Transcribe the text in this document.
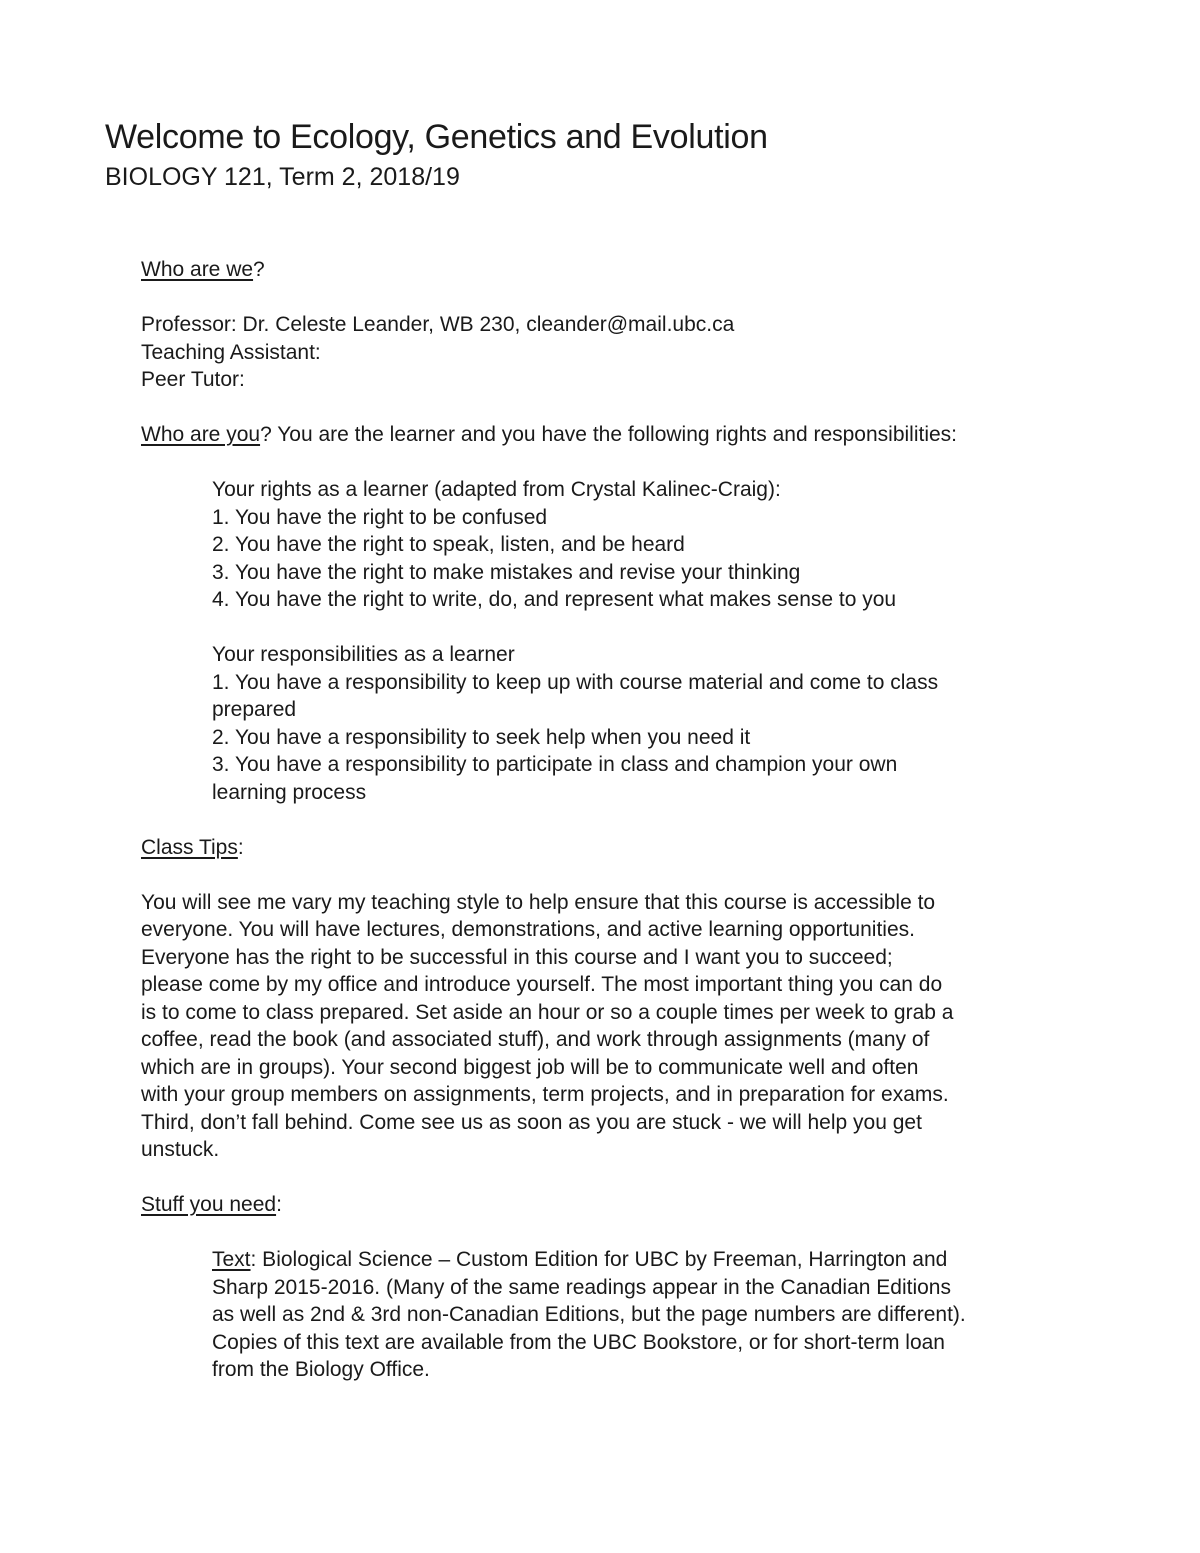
Welcome to Ecology, Genetics and Evolution
BIOLOGY 121, Term 2, 2018/19
Who are we?
Professor: Dr. Celeste Leander, WB 230, cleander@mail.ubc.ca
Teaching Assistant:
Peer Tutor:
Who are you? You are the learner and you have the following rights and responsibilities:
Your rights as a learner (adapted from Crystal Kalinec-Craig):
1. You have the right to be confused
2. You have the right to speak, listen, and be heard
3. You have the right to make mistakes and revise your thinking
4. You have the right to write, do, and represent what makes sense to you
Your responsibilities as a learner
1. You have a responsibility to keep up with course material and come to class
prepared
2. You have a responsibility to seek help when you need it
3. You have a responsibility to participate in class and champion your own
learning process
Class Tips:
You will see me vary my teaching style to help ensure that this course is accessible to
everyone. You will have lectures, demonstrations, and active learning opportunities.
Everyone has the right to be successful in this course and I want you to succeed;
please come by my office and introduce yourself. The most important thing you can do
is to come to class prepared. Set aside an hour or so a couple times per week to grab a
coffee, read the book (and associated stuff), and work through assignments (many of
which are in groups). Your second biggest job will be to communicate well and often
with your group members on assignments, term projects, and in preparation for exams.
Third, don’t fall behind. Come see us as soon as you are stuck - we will help you get
unstuck.
Stuff you need:
Text: Biological Science – Custom Edition for UBC by Freeman, Harrington and
Sharp 2015-2016. (Many of the same readings appear in the Canadian Editions
as well as 2nd & 3rd non-Canadian Editions, but the page numbers are different).
Copies of this text are available from the UBC Bookstore, or for short-term loan
from the Biology Office.
